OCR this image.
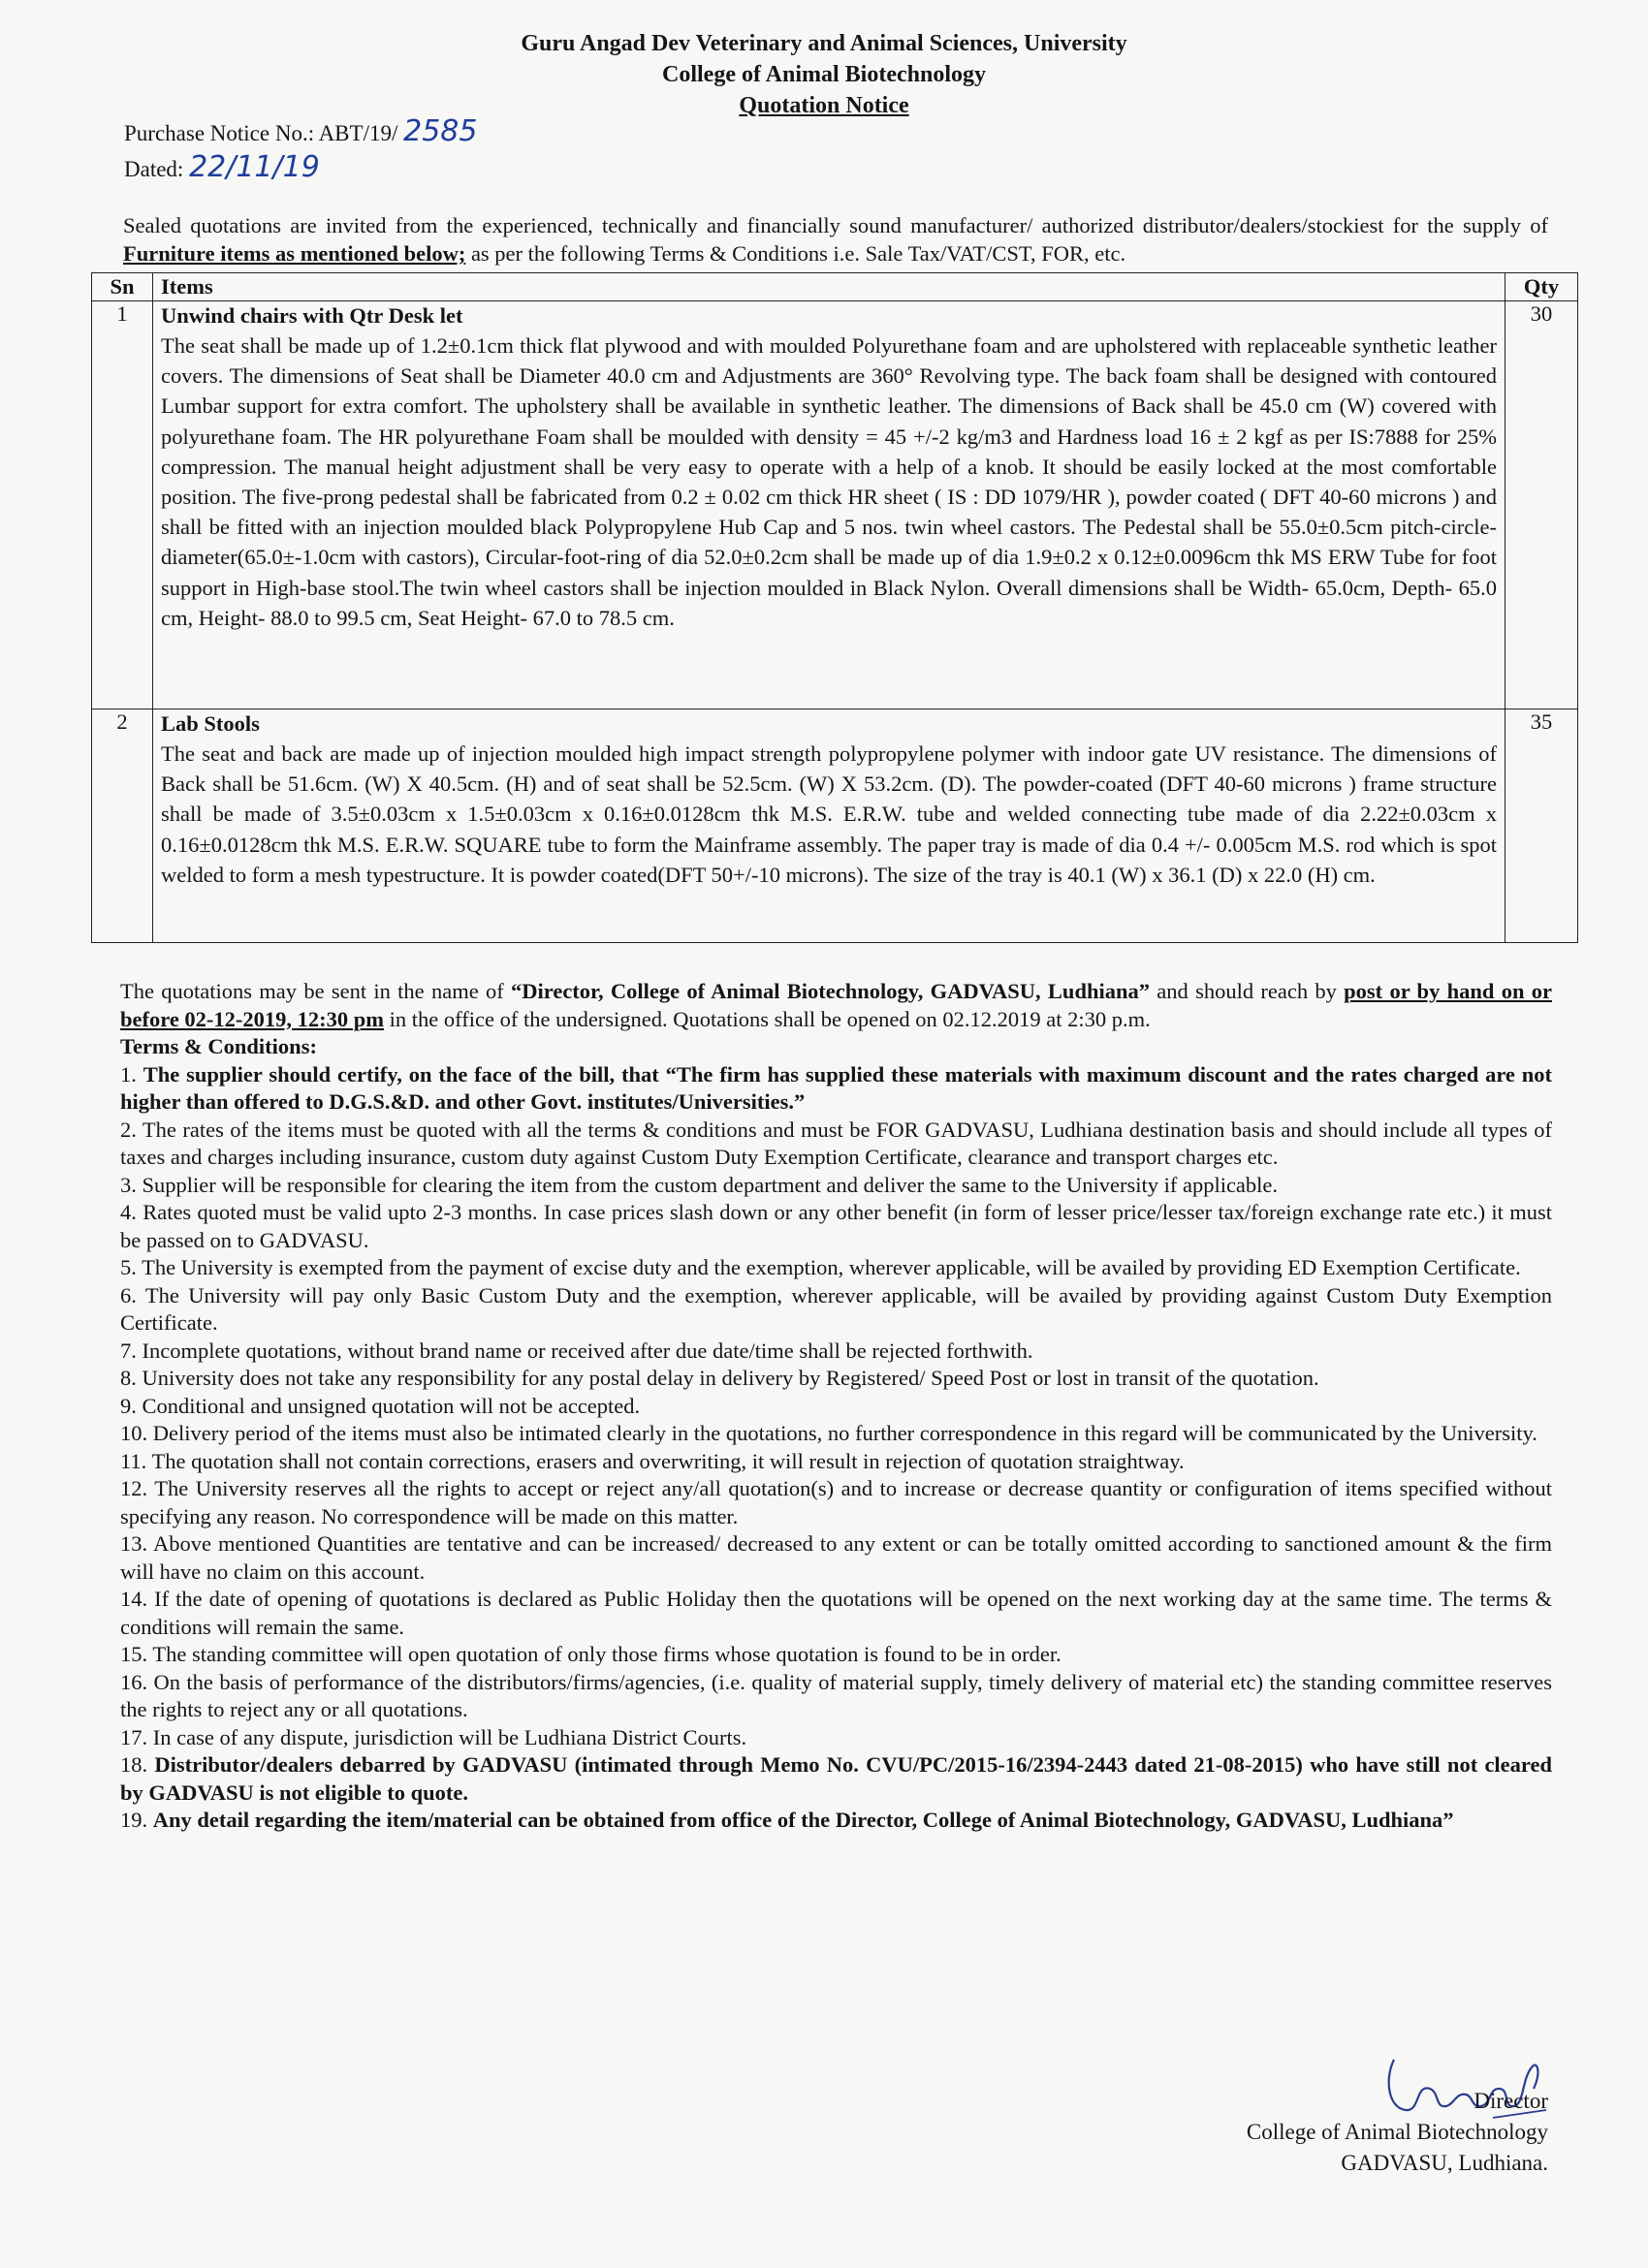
Guru Angad Dev Veterinary and Animal Sciences, University
College of Animal Biotechnology
Quotation Notice
Purchase Notice No.: ABT/19/ 2585
Dated: 22/11/19
Sealed quotations are invited from the experienced, technically and financially sound manufacturer/ authorized distributor/dealers/stockiest for the supply of Furniture items as mentioned below; as per the following Terms & Conditions i.e. Sale Tax/VAT/CST, FOR, etc.
Sn	Items	Qty
1	Unwind chairs with Qtr Desk let
The seat shall be made up of 1.2±0.1cm thick flat plywood and with moulded Polyurethane foam and are upholstered with replaceable synthetic leather covers. The dimensions of Seat shall be Diameter 40.0 cm and Adjustments are 360° Revolving type. The back foam shall be designed with contoured Lumbar support for extra comfort. The upholstery shall be available in synthetic leather. The dimensions of Back shall be 45.0 cm (W) covered with polyurethane foam. The HR polyurethane Foam shall be moulded with density = 45 +/-2 kg/m3 and Hardness load 16 ± 2 kgf as per IS:7888 for 25% compression. The manual height adjustment shall be very easy to operate with a help of a knob. It should be easily locked at the most comfortable position. The five-prong pedestal shall be fabricated from 0.2 ± 0.02 cm thick HR sheet ( IS : DD 1079/HR ), powder coated ( DFT 40-60 microns ) and shall be fitted with an injection moulded black Polypropylene Hub Cap and 5 nos. twin wheel castors. The Pedestal shall be 55.0±0.5cm pitch-circle-diameter(65.0±-1.0cm with castors), Circular-foot-ring of dia 52.0±0.2cm shall be made up of dia 1.9±0.2 x 0.12±0.0096cm thk MS ERW Tube for foot support in High-base stool.The twin wheel castors shall be injection moulded in Black Nylon. Overall dimensions shall be Width- 65.0cm, Depth- 65.0 cm, Height- 88.0 to 99.5 cm, Seat Height- 67.0 to 78.5 cm.	30
2	Lab Stools
The seat and back are made up of injection moulded high impact strength polypropylene polymer with indoor gate UV resistance. The dimensions of Back shall be 51.6cm. (W) X 40.5cm. (H) and of seat shall be 52.5cm. (W) X 53.2cm. (D). The powder-coated (DFT 40-60 microns ) frame structure shall be made of 3.5±0.03cm x 1.5±0.03cm x 0.16±0.0128cm thk M.S. E.R.W. tube and welded connecting tube made of dia 2.22±0.03cm x 0.16±0.0128cm thk M.S. E.R.W. SQUARE tube to form the Mainframe assembly. The paper tray is made of dia 0.4 +/- 0.005cm M.S. rod which is spot welded to form a mesh typestructure. It is powder coated(DFT 50+/-10 microns). The size of the tray is 40.1 (W) x 36.1 (D) x 22.0 (H) cm.	35

The quotations may be sent in the name of “Director, College of Animal Biotechnology, GADVASU, Ludhiana” and should reach by post or by hand on or before 02-12-2019, 12:30 pm in the office of the undersigned. Quotations shall be opened on 02.12.2019 at 2:30 p.m.

Terms & Conditions:

1. The supplier should certify, on the face of the bill, that “The firm has supplied these materials with maximum discount and the rates charged are not higher than offered to D.G.S.&D. and other Govt. institutes/Universities.”

2. The rates of the items must be quoted with all the terms & conditions and must be FOR GADVASU, Ludhiana destination basis and should include all types of taxes and charges including insurance, custom duty against Custom Duty Exemption Certificate, clearance and transport charges etc.

3. Supplier will be responsible for clearing the item from the custom department and deliver the same to the University if applicable.

4. Rates quoted must be valid upto 2-3 months. In case prices slash down or any other benefit (in form of lesser price/lesser tax/foreign exchange rate etc.) it must be passed on to GADVASU.

5. The University is exempted from the payment of excise duty and the exemption, wherever applicable, will be availed by providing ED Exemption Certificate.

6. The University will pay only Basic Custom Duty and the exemption, wherever applicable, will be availed by providing against Custom Duty Exemption Certificate.

7. Incomplete quotations, without brand name or received after due date/time shall be rejected forthwith.

8. University does not take any responsibility for any postal delay in delivery by Registered/ Speed Post or lost in transit of the quotation.

9. Conditional and unsigned quotation will not be accepted.

10. Delivery period of the items must also be intimated clearly in the quotations, no further correspondence in this regard will be communicated by the University.

11. The quotation shall not contain corrections, erasers and overwriting, it will result in rejection of quotation straightway.

12. The University reserves all the rights to accept or reject any/all quotation(s) and to increase or decrease quantity or configuration of items specified without specifying any reason. No correspondence will be made on this matter.

13. Above mentioned Quantities are tentative and can be increased/ decreased to any extent or can be totally omitted according to sanctioned amount & the firm will have no claim on this account.

14. If the date of opening of quotations is declared as Public Holiday then the quotations will be opened on the next working day at the same time. The terms & conditions will remain the same.

15. The standing committee will open quotation of only those firms whose quotation is found to be in order.

16. On the basis of performance of the distributors/firms/agencies, (i.e. quality of material supply, timely delivery of material etc) the standing committee reserves the rights to reject any or all quotations.

17. In case of any dispute, jurisdiction will be Ludhiana District Courts.

18. Distributor/dealers debarred by GADVASU (intimated through Memo No. CVU/PC/2015-16/2394-2443 dated 21-08-2015) who have still not cleared by GADVASU is not eligible to quote.

19. Any detail regarding the item/material can be obtained from office of the Director, College of Animal Biotechnology, GADVASU, Ludhiana”

Director
College of Animal Biotechnology
GADVASU, Ludhiana.
